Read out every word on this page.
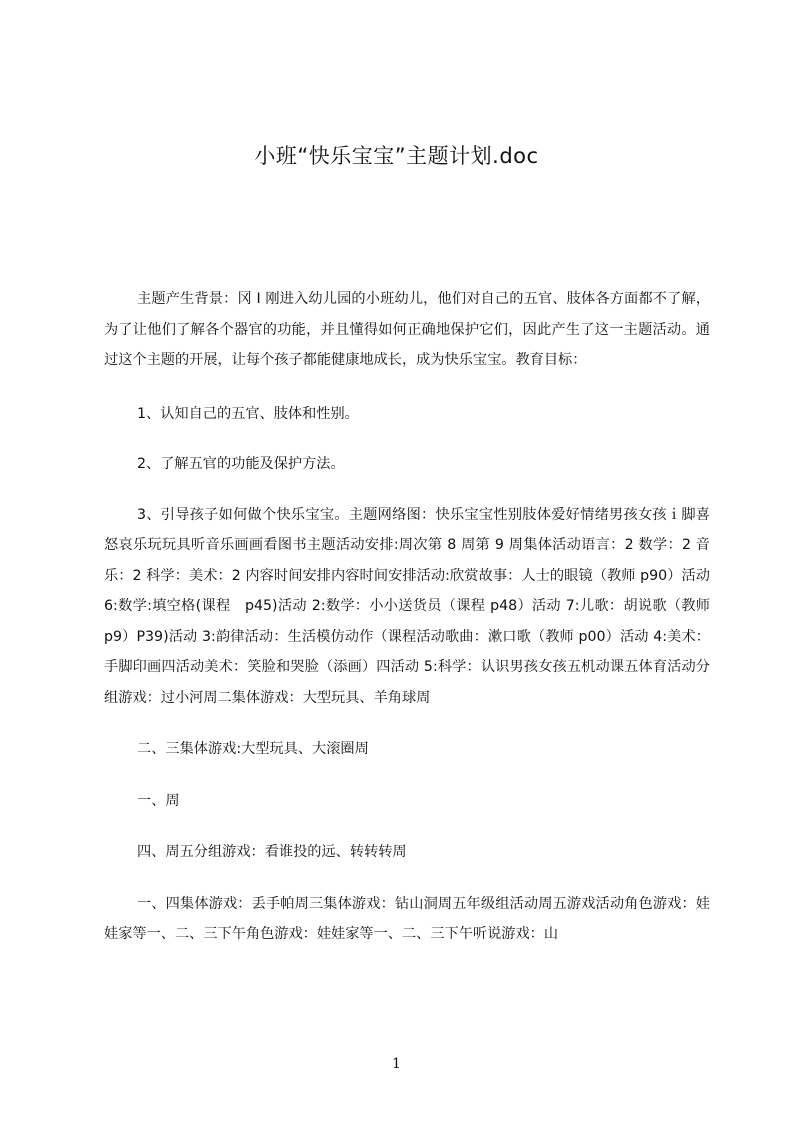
小班“快乐宝宝”主题计划.doc

主题产生背景：冈 I 刚进入幼儿园的小班幼儿，他们对自己的五官、肢体各方面都不了解，为了让他们了解各个器官的功能，并且懂得如何正确地保护它们，因此产生了这一主题活动。通过这个主题的开展，让每个孩子都能健康地成长，成为快乐宝宝。教育目标：

1、认知自己的五官、肢体和性别。

2、了解五官的功能及保护方法。

3、引导孩子如何做个快乐宝宝。主题网络图：快乐宝宝性别肢体爱好情绪男孩女孩ｉ脚喜怒哀乐玩玩具听音乐画画看图书主题活动安排:周次第 8 周第 9 周集体活动语言：2 数学：2 音乐：2 科学：美术：2 内容时间安排内容时间安排活动:欣赏故事：人士的眼镜（教师 p90）活动 6:数学:填空格(课程　p45)活动 2:数学：小小送货员（课程 p48）活动 7:儿歌：胡说歌（教师 p9）P39)活动 3:韵律活动：生活模仿动作（课程活动歌曲：漱口歌（教师 p00）活动 4:美术：手脚印画四活动美术：笑脸和哭脸（添画）四活动 5:科学：认识男孩女孩五机动课五体育活动分组游戏：过小河周二集体游戏：大型玩具、羊角球周

二、三集体游戏:大型玩具、大滚圈周

一、周

四、周五分组游戏：看谁投的远、转转转周

一、四集体游戏：丢手帕周三集体游戏：钻山洞周五年级组活动周五游戏活动角色游戏：娃娃家等一、二、三下午角色游戏：娃娃家等一、二、三下午听说游戏：山

1
